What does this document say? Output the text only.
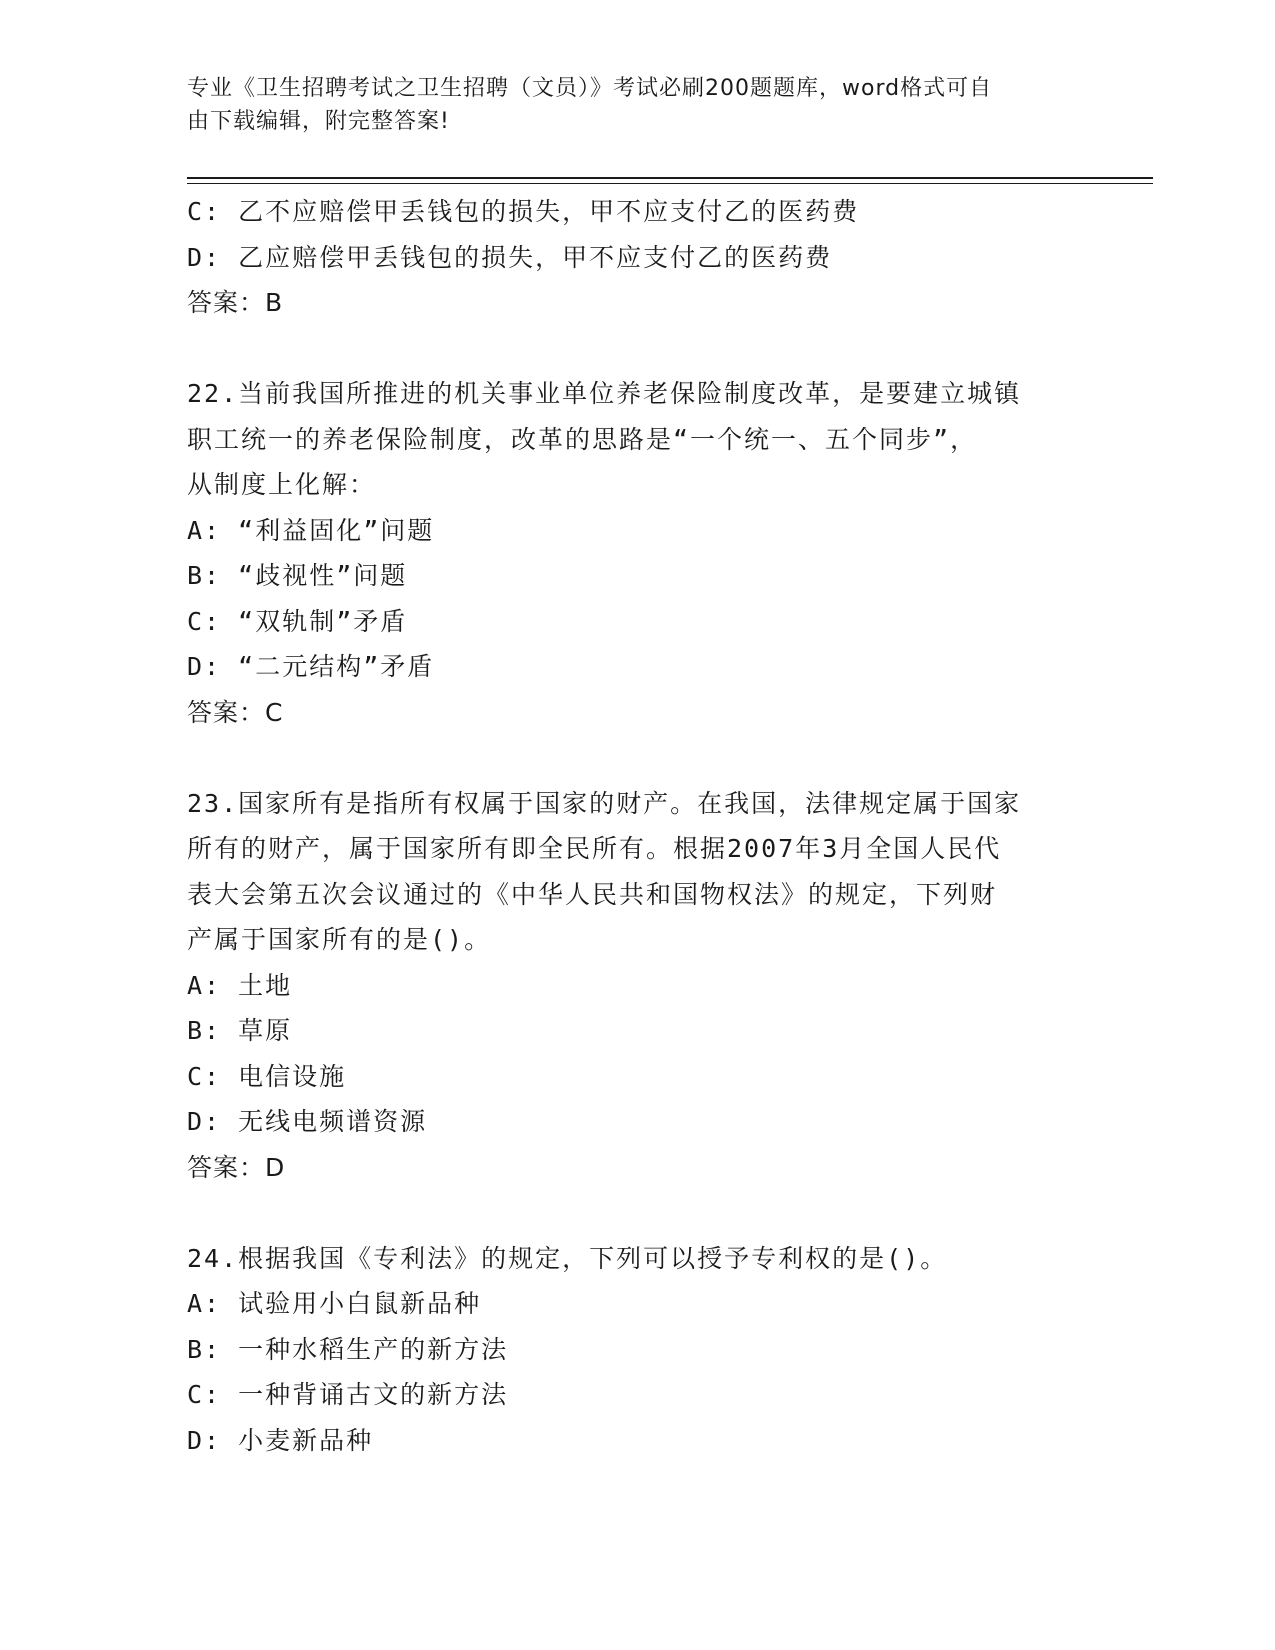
专业《卫生招聘考试之卫生招聘（文员）》考试必刷200题题库，word格式可自
由下载编辑，附完整答案!
C: 乙不应赔偿甲丢钱包的损失，甲不应支付乙的医药费
D: 乙应赔偿甲丢钱包的损失，甲不应支付乙的医药费
答案：B
22.当前我国所推进的机关事业单位养老保险制度改革，是要建立城镇
职工统一的养老保险制度，改革的思路是“一个统一、五个同步”，
从制度上化解：
A: “利益固化”问题
B: “歧视性”问题
C: “双轨制”矛盾
D: “二元结构”矛盾
答案：C
23.国家所有是指所有权属于国家的财产。在我国，法律规定属于国家
所有的财产，属于国家所有即全民所有。根据2007年3月全国人民代
表大会第五次会议通过的《中华人民共和国物权法》的规定，下列财
产属于国家所有的是()。
A: 土地
B: 草原
C: 电信设施
D: 无线电频谱资源
答案：D
24.根据我国《专利法》的规定，下列可以授予专利权的是()。
A: 试验用小白鼠新品种
B: 一种水稻生产的新方法
C: 一种背诵古文的新方法
D: 小麦新品种
